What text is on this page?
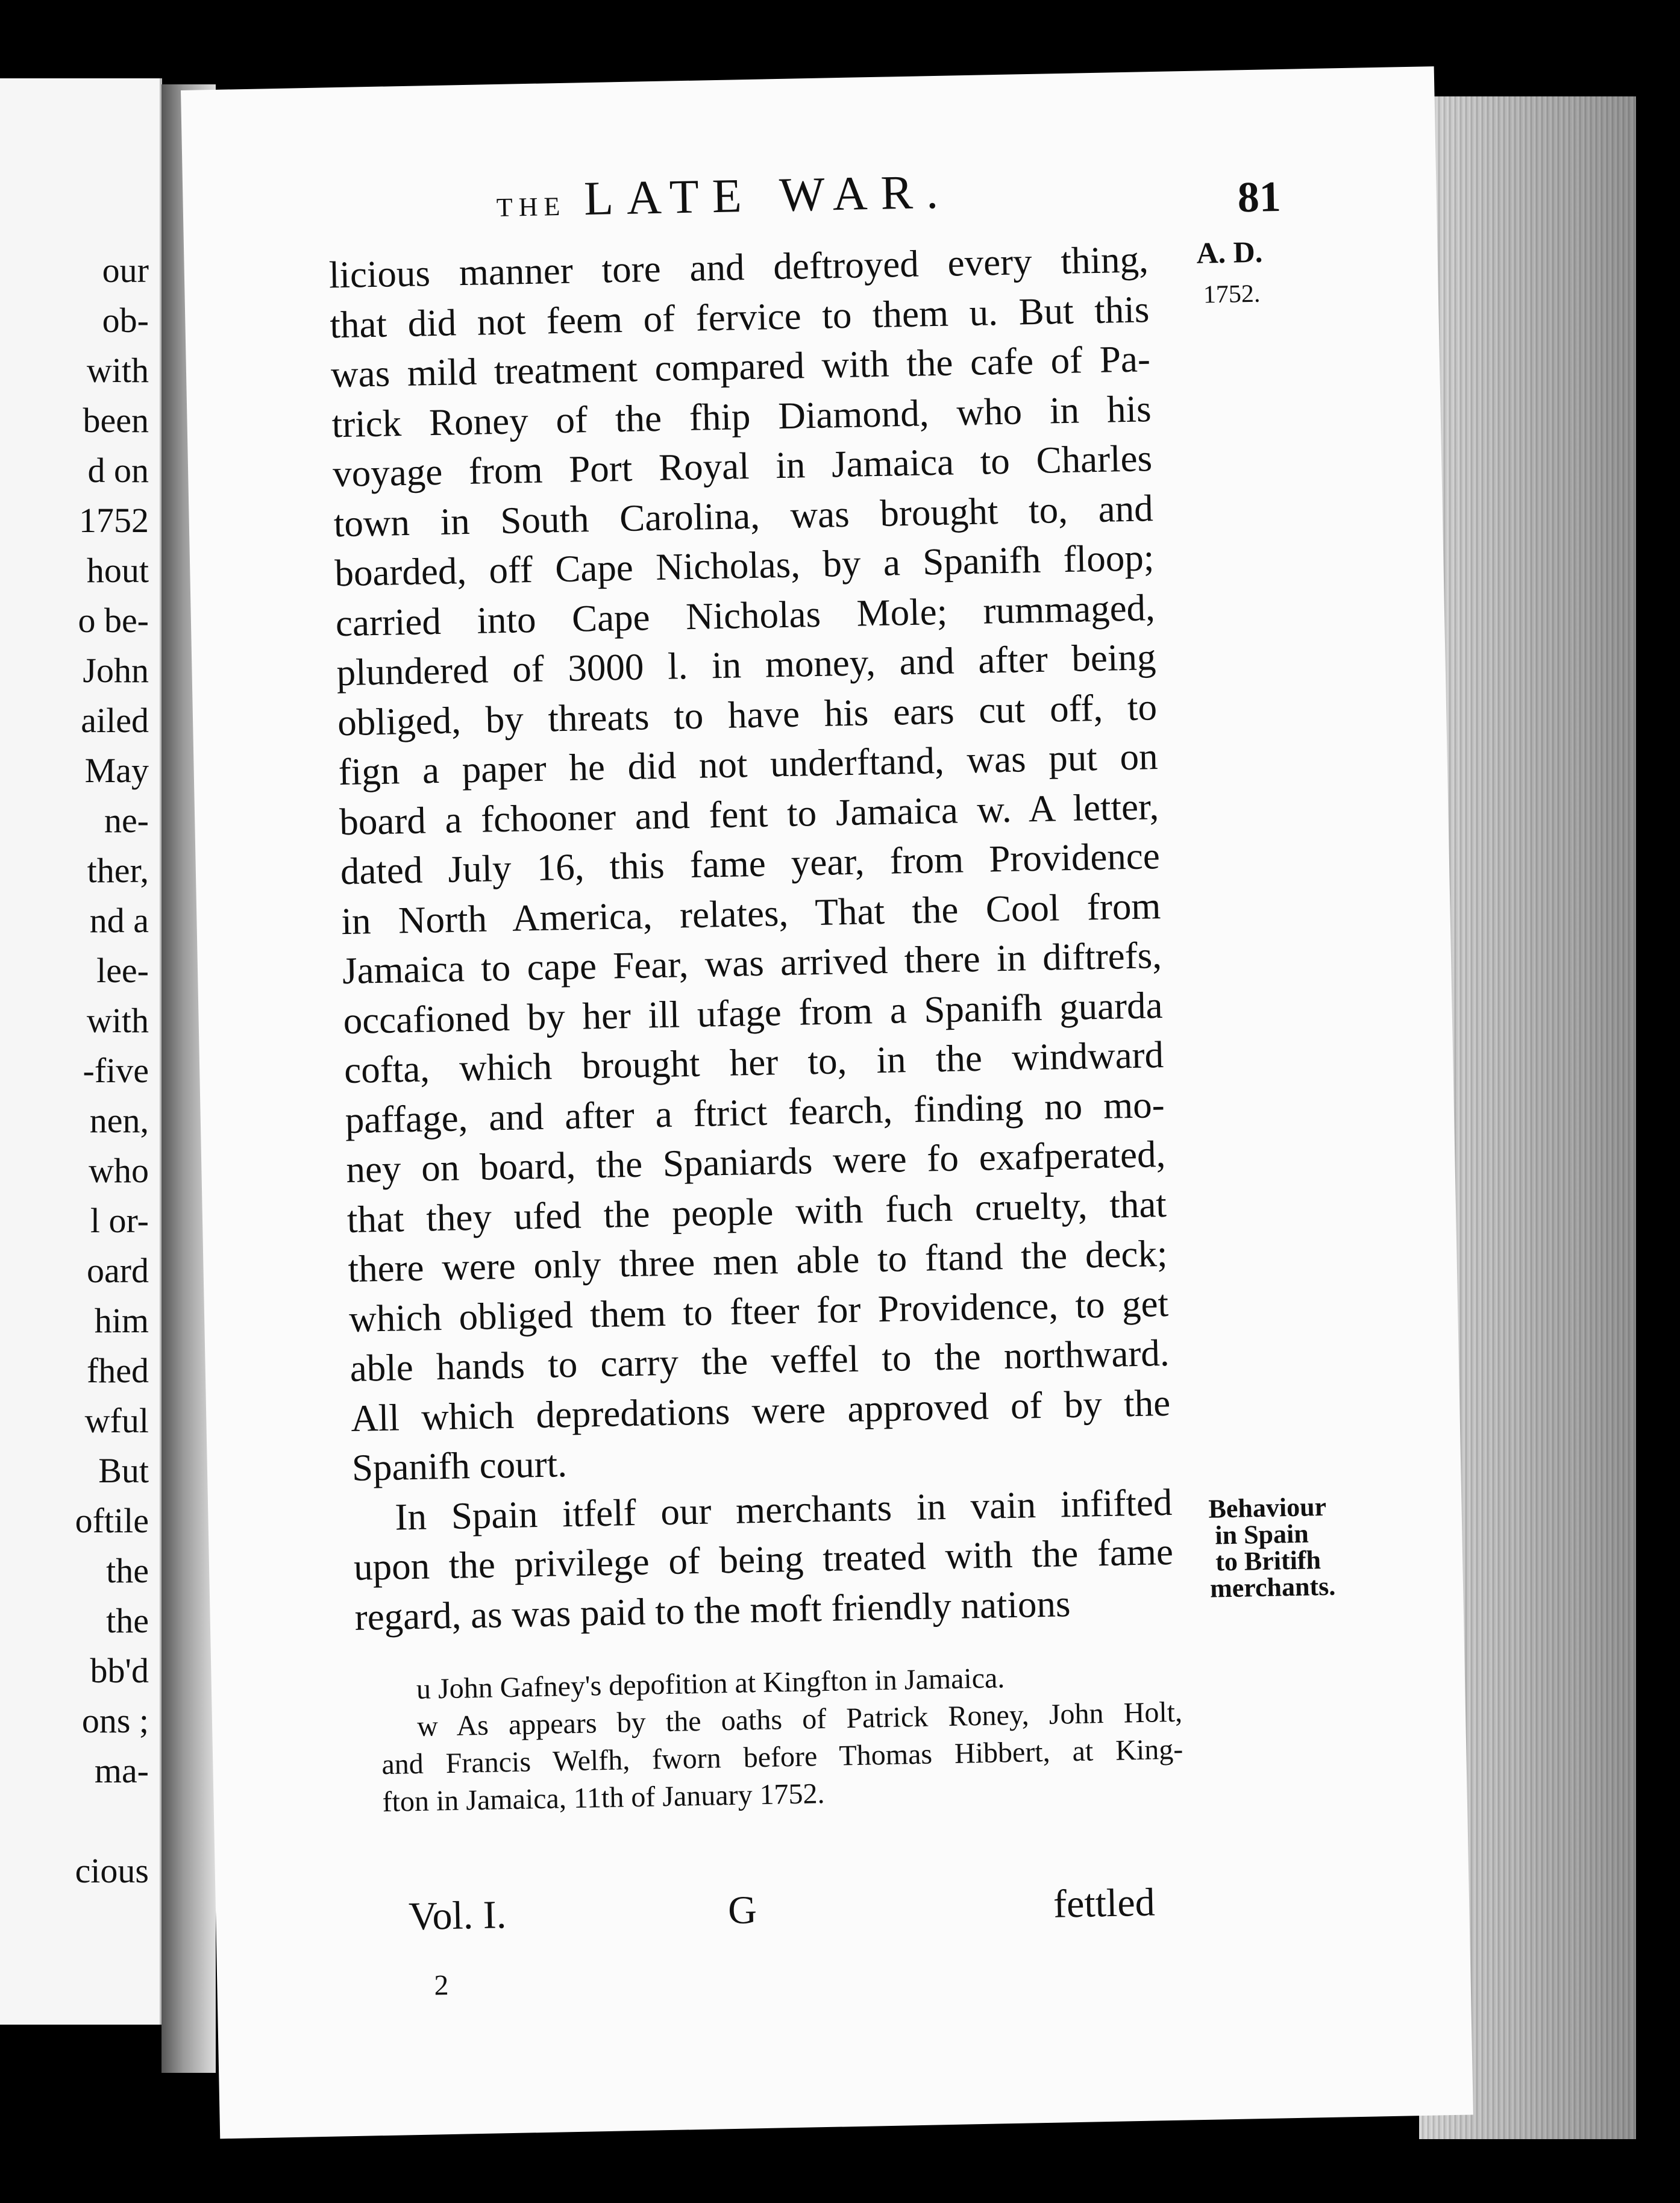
our
ob-
with
been
d on
1752
hout
o be-
John
ailed
May
ne-
ther,
nd a
lee-
with
-five
nen,
who
l or-
oard
him
fhed
wful
But
oftile
the
the
bb'd
ons ;
ma-
cious
THE LATE WAR.	81
A. D.
1752.
licious manner tore and deftroyed every thing,
that did not feem of fervice to them u. But this
was mild treatment compared with the cafe of Pa-
trick Roney of the fhip Diamond, who in his
voyage from Port Royal in Jamaica to Charles
town in South Carolina, was brought to, and
boarded, off Cape Nicholas, by a Spanifh floop;
carried into Cape Nicholas Mole; rummaged,
plundered of 3000 l. in money, and after being
obliged, by threats to have his ears cut off, to
fign a paper he did not underftand, was put on
board a fchooner and fent to Jamaica w. A letter,
dated July 16, this fame year, from Providence
in North America, relates, That the Cool from
Jamaica to cape Fear, was arrived there in diftrefs,
occafioned by her ill ufage from a Spanifh guarda
cofta, which brought her to, in the windward
paffage, and after a ftrict fearch, finding no mo-
ney on board, the Spaniards were fo exafperated,
that they ufed the people with fuch cruelty, that
there were only three men able to ftand the deck;
which obliged them to fteer for Providence, to get
able hands to carry the veffel to the northward.
All which depredations were approved of by the
Spanifh court.
In Spain itfelf our merchants in vain infifted
upon the privilege of being treated with the fame
regard, as was paid to the moft friendly nations
Behaviour
in Spain
to Britifh
merchants.
u John Gafney's depofition at Kingfton in Jamaica.
w As appears by the oaths of Patrick Roney, John Holt,
and Francis Welfh, fworn before Thomas Hibbert, at King-
fton in Jamaica, 11th of January 1752.
Vol. I.	G	fettled
2
